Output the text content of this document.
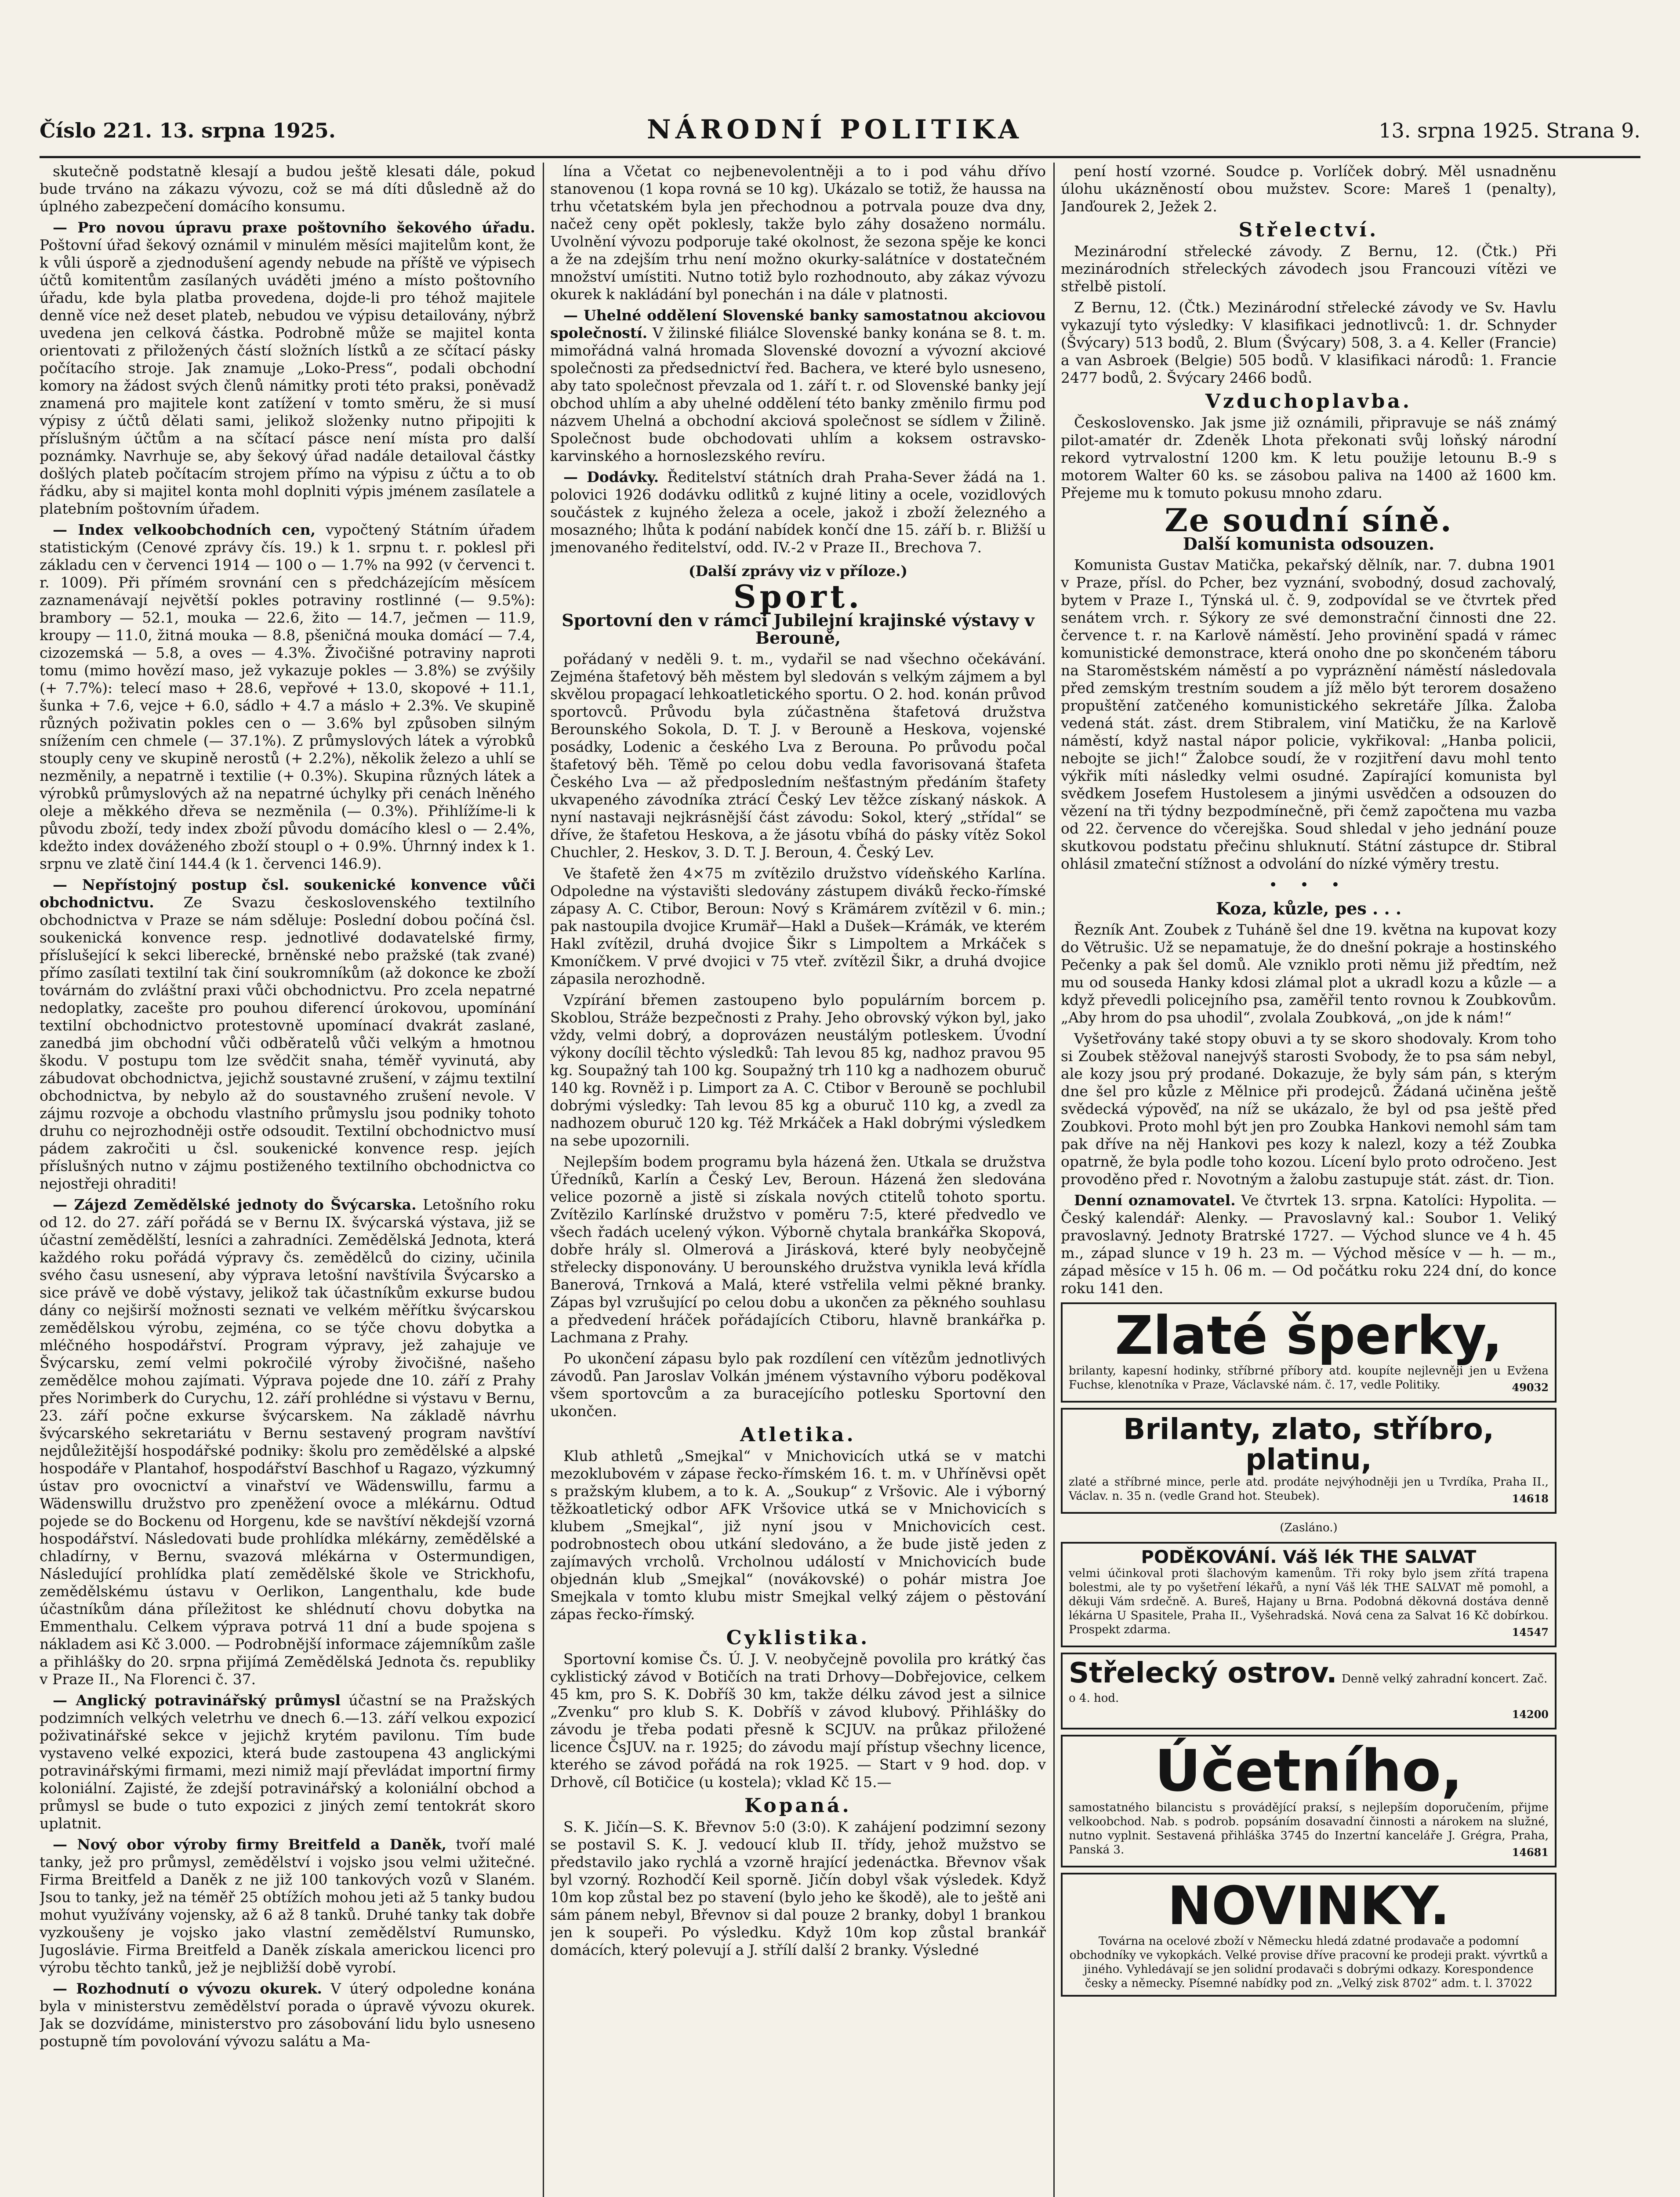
Číslo 221. 13. srpna 1925.	NÁRODNÍ POLITIKA	13. srpna 1925. Strana 9.

skutečně podstatně klesají a budou ještě klesati dále, pokud bude trváno na zákazu vývozu, což se má díti důsledně až do úplného zabezpečení domácího konsumu.

— Pro novou úpravu praxe poštovního šekového úřadu. Poštovní úřad šekový oznámil v minulém měsíci majitelům kont, že k vůli úsporě a zjednodušení agendy nebude na příště ve výpisech účtů komitentům zasílaných uváděti jméno a místo poštovního úřadu, kde byla platba provedena, dojde-li pro téhož majitele denně více než deset plateb, nebudou ve výpisu detailovány, nýbrž uvedena jen celková částka. Podrobně může se majitel konta orientovati z přiložených částí složních lístků a ze sčítací pásky počítacího stroje. Jak znamuje „Loko-Press“, podali obchodní komory na žádost svých členů námitky proti této praksi, poněvadž znamená pro majitele kont zatížení v tomto směru, že si musí výpisy z účtů dělati sami, jelikož složenky nutno připojiti k příslušným účtům a na sčítací pásce není místa pro další poznámky. Navrhuje se, aby šekový úřad nadále detailoval částky došlých plateb počítacím strojem přímo na výpisu z účtu a to ob řádku, aby si majitel konta mohl doplniti výpis jménem zasílatele a platebním poštovním úřadem.

— Index velkoobchodních cen, vypočtený Státním úřadem statistickým (Cenové zprávy čís. 19.) k 1. srpnu t. r. poklesl při základu cen v červenci 1914 — 100 o — 1.7% na 992 (v červenci t. r. 1009). Při přímém srovnání cen s předcházejícím měsícem zaznamenávají největší pokles potraviny rostlinné (— 9.5%): brambory — 52.1, mouka — 22.6, žito — 14.7, ječmen — 11.9, kroupy — 11.0, žitná mouka — 8.8, pšeničná mouka domácí — 7.4, cizozemská — 5.8, a oves — 4.3%. Živočišné potraviny naproti tomu (mimo hovězí maso, jež vykazuje pokles — 3.8%) se zvýšily (+ 7.7%): telecí maso + 28.6, vepřové + 13.0, skopové + 11.1, šunka + 7.6, vejce + 6.0, sádlo + 4.7 a máslo + 2.3%. Ve skupině různých poživatin pokles cen o — 3.6% byl způsoben silným snížením cen chmele (— 37.1%). Z průmyslových látek a výrobků stouply ceny ve skupině nerostů (+ 2.2%), několik železo a uhlí se nezměnily, a nepatrně i textilie (+ 0.3%). Skupina různých látek a výrobků průmyslových až na nepatrné úchylky při cenách lněného oleje a měkkého dřeva se nezměnila (— 0.3%). Přihlížíme-li k původu zboží, tedy index zboží původu domácího klesl o — 2.4%, kdežto index dováženého zboží stoupl o + 0.9%. Úhrnný index k 1. srpnu ve zlatě činí 144.4 (k 1. červenci 146.9).

— Nepřístojný postup čsl. soukenické konvence vůči obchodnictvu. Ze Svazu československého textilního obchodnictva v Praze se nám sděluje: Poslední dobou počíná čsl. soukenická konvence resp. jednotlivé dodavatelské firmy, příslušející k sekci liberecké, brněnské nebo pražské (tak zvané) přímo zasílati textilní tak činí soukromníkům (až dokonce ke zboží továrnám do zvláštní praxi vůči obchodnictvu. Pro zcela nepatrné nedoplatky, zacešte pro pouhou diferencí úrokovou, upomínání textilní obchodnictvo protestovně upomínací dvakrát zaslané, zanedbá jim obchodní vůči odběratelů vůči velkým a hmotnou škodu. V postupu tom lze svědčit snaha, téměř vyvinutá, aby zábudovat obchodnictva, jejichž soustavné zrušení, v zájmu textilní obchodnictva, by nebylo až do soustavného zrušení nevole. V zájmu rozvoje a obchodu vlastního průmyslu jsou podniky tohoto druhu co nejrozhodněji ostře odsoudit. Textilní obchodnictvo musí pádem zakročiti u čsl. soukenické konvence resp. jejích příslušných nutno v zájmu postiženého textilního obchodnictva co nejostřeji ohraditi!

— Zájezd Zemědělské jednoty do Švýcarska. Letošního roku od 12. do 27. září pořádá se v Bernu IX. švýcarská výstava, již se účastní zemědělští, lesníci a zahradníci. Zemědělská Jednota, která každého roku pořádá výpravy čs. zemědělců do ciziny, učinila svého času usnesení, aby výprava letošní navštívila Švýcarsko a sice právě ve době výstavy, jelikož tak účastníkům exkurse budou dány co nejširší možnosti seznati ve velkém měřítku švýcarskou zemědělskou výrobu, zejména, co se týče chovu dobytka a mléčného hospodářství. Program výpravy, jež zahajuje ve Švýcarsku, zemí velmi pokročilé výroby živočišné, našeho zemědělce mohou zajímati. Výprava pojede dne 10. září z Prahy přes Norimberk do Curychu, 12. září prohlédne si výstavu v Bernu, 23. září počne exkurse švýcarskem. Na základě návrhu švýcarského sekretariátu v Bernu sestavený program navštíví nejdůležitější hospodářské podniky: školu pro zemědělské a alpské hospodáře v Plantahof, hospodářství Baschhof u Ragazo, výzkumný ústav pro ovocnictví a vinařství ve Wädenswillu, farmu a Wädenswillu družstvo pro zpeněžení ovoce a mlékárnu. Odtud pojede se do Bockenu od Horgenu, kde se navštíví někdejší vzorná hospodářství. Následovati bude prohlídka mlékárny, zemědělské a chladírny, v Bernu, svazová mlékárna v Ostermundigen, Následující prohlídka platí zemědělské škole ve Strickhofu, zemědělskému ústavu v Oerlikon, Langenthalu, kde bude účastníkům dána příležitost ke shlédnutí chovu dobytka na Emmenthalu. Celkem výprava potrvá 11 dní a bude spojena s nákladem asi Kč 3.000. — Podrobnější informace zájemníkům zašle a přihlášky do 20. srpna přijímá Zemědělská Jednota čs. republiky v Praze II., Na Florenci č. 37.

— Anglický potravinářský průmysl účastní se na Pražských podzimních velkých veletrhu ve dnech 6.—13. září velkou expozicí poživatinářské sekce v jejichž krytém pavilonu. Tím bude vystaveno velké expozici, která bude zastoupena 43 anglickými potravinářskými firmami, mezi nimiž mají převládat importní firmy koloniální. Zajisté, že zdejší potravinářský a koloniální obchod a průmysl se bude o tuto expozici z jiných zemí tentokrát skoro uplatnit.

— Nový obor výroby firmy Breitfeld a Daněk, tvoří malé tanky, jež pro průmysl, zemědělství i vojsko jsou velmi užitečné. Firma Breitfeld a Daněk z ne již 100 tankových vozů v Slaném. Jsou to tanky, jež na téměř 25 obtížích mohou jeti až 5 tanky budou mohut využívány vojensky, až 6 až 8 tanků. Druhé tanky tak dobře vyzkoušeny je vojsko jako vlastní zemědělství Rumunsko, Jugoslávie. Firma Breitfeld a Daněk získala americkou licenci pro výrobu těchto tanků, jež je nejbližší době vyrobí.

— Rozhodnutí o vývozu okurek. V úterý odpoledne konána byla v ministerstvu zemědělství porada o úpravě vývozu okurek. Jak se dozvídáme, ministerstvo pro zásobování lidu bylo usneseno postupně tím povolování vývozu salátu a Ma-

lína a Včetat co nejbenevolentněji a to i pod váhu dřívo stanovenou (1 kopa rovná se 10 kg). Ukázalo se totiž, že haussa na trhu včetatském byla jen přechodnou a potrvala pouze dva dny, načež ceny opět poklesly, takže bylo záhy dosaženo normálu. Uvolnění vývozu podporuje také okolnost, že sezona spěje ke konci a že na zdejším trhu není možno okurky-salátníce v dostatečném množství umístiti. Nutno totiž bylo rozhodnouto, aby zákaz vývozu okurek k nakládání byl ponechán i na dále v platnosti.

— Uhelné oddělení Slovenské banky samostatnou akciovou společností. V žilinské filiálce Slovenské banky konána se 8. t. m. mimořádná valná hromada Slovenské dovozní a vývozní akciové společnosti za předsednictví řed. Bachera, ve které bylo usneseno, aby tato společnost převzala od 1. září t. r. od Slovenské banky její obchod uhlím a aby uhelné oddělení této banky změnilo firmu pod názvem Uhelná a obchodní akciová společnost se sídlem v Žilině. Společnost bude obchodovati uhlím a koksem ostravsko-karvinského a hornoslezského revíru.

— Dodávky. Ředitelství státních drah Praha-Sever žádá na 1. polovici 1926 dodávku odlitků z kujné litiny a ocele, vozidlových součástek z kujného železa a ocele, jakož i zboží železného a mosazného; lhůta k podání nabídek končí dne 15. září b. r. Bližší u jmenovaného ředitelství, odd. IV.-2 v Praze II., Brechova 7.

(Další zprávy viz v příloze.)
Sport.
Sportovní den v rámci Jubilejní krajinské výstavy v Berouně,

pořádaný v neděli 9. t. m., vydařil se nad všechno očekávání. Zejména štafetový běh městem byl sledován s velkým zájmem a byl skvělou propagací lehkoatletického sportu. O 2. hod. konán průvod sportovců. Průvodu byla zúčastněna štafetová družstva Berounského Sokola, D. T. J. v Berouně a Heskova, vojenské posádky, Lodenic a českého Lva z Berouna. Po průvodu počal štafetový běh. Těmě po celou dobu vedla favorisovaná štafeta Českého Lva — až předposledním nešťastným předáním štafety ukvapeného závodníka ztrácí Český Lev těžce získaný náskok. A nyní nastavaji nejkrásnější část závodu: Sokol, který „střídal“ se dříve, že štafetou Heskova, a že jásotu vbíhá do pásky vítěz Sokol Chuchler, 2. Heskov, 3. D. T. J. Beroun, 4. Český Lev.

Ve štafetě žen 4×75 m zvítězilo družstvo vídeňského Karlína. Odpoledne na výstavišti sledovány zástupem diváků řecko-římské zápasy A. C. Ctibor, Beroun: Nový s Krämárem zvítězil v 6. min.; pak nastoupila dvojice Krumäř—Hakl a Dušek—Krámák, ve kterém Hakl zvítězil, druhá dvojice Šikr s Limpoltem a Mrkáček s Kmoníčkem. V prvé dvojici v 75 vteř. zvítězil Šikr, a druhá dvojice zápasila nerozhodně.

Vzpírání břemen zastoupeno bylo populárním borcem p. Skoblou, Stráže bezpečnosti z Prahy. Jeho obrovský výkon byl, jako vždy, velmi dobrý, a doprovázen neustálým potleskem. Úvodní výkony docílil těchto výsledků: Tah levou 85 kg, nadhoz pravou 95 kg. Soupažný tah 100 kg. Soupažný trh 110 kg a nadhozem oburuč 140 kg. Rovněž i p. Limport za A. C. Ctibor v Berouně se pochlubil dobrými výsledky: Tah levou 85 kg a oburuč 110 kg, a zvedl za nadhozem oburuč 120 kg. Též Mrkáček a Hakl dobrými výsledkem na sebe upozornili.

Nejlepším bodem programu byla házená žen. Utkala se družstva Úředníků, Karlín a Český Lev, Beroun. Házená žen sledována velice pozorně a jistě si získala nových ctitelů tohoto sportu. Zvítězilo Karlínské družstvo v poměru 7:5, které předvedlo ve všech řadách ucelený výkon. Výborně chytala brankářka Skopová, dobře hrály sl. Olmerová a Jirásková, které byly neobyčejně střelecky disponovány. U berounského družstva vynikla levá křídla Banerová, Trnková a Malá, které vstřelila velmi pěkné branky. Zápas byl vzrušující po celou dobu a ukončen za pěkného souhlasu a předvedení hráček pořádajících Ctiboru, hlavně brankářka p. Lachmana z Prahy.

Po ukončení zápasu bylo pak rozdílení cen vítězům jednotlivých závodů. Pan Jaroslav Volkán jménem výstavního výboru poděkoval všem sportovcům a za buracejícího potlesku Sportovní den ukončen.

Atletika.

Klub athletů „Smejkal“ v Mnichovicích utká se v matchi mezoklubovém v zápase řecko-římském 16. t. m. v Uhříněvsi opět s pražským klubem, a to k. A. „Soukup“ z Vršovic. Ale i výborný těžkoatletický odbor AFK Vršovice utká se v Mnichovicích s klubem „Smejkal“, již nyní jsou v Mnichovicích cest. podrobnostech obou utkání sledováno, a že bude jistě jeden z zajímavých vrcholů. Vrcholnou událostí v Mnichovicích bude objednán klub „Smejkal“ (novákovské) o pohár mistra Joe Smejkala v tomto klubu mistr Smejkal velký zájem o pěstování zápas řecko-římský.

Cyklistika.

Sportovní komise Čs. Ú. J. V. neobyčejně povolila pro krátký čas cyklistický závod v Botičích na trati Drhovy—Dobřejovice, celkem 45 km, pro S. K. Dobříš 30 km, takže délku závod jest a silnice „Zvenku“ pro klub S. K. Dobříš v závod klubový. Přihlášky do závodu je třeba podati přesně k SCJUV. na průkaz přiložené licence ČsJUV. na r. 1925; do závodu mají přístup všechny licence, kterého se závod pořádá na rok 1925. — Start v 9 hod. dop. v Drhově, cíl Botičice (u kostela); vklad Kč 15.—

Kopaná.

S. K. Jičín—S. K. Břevnov 5:0 (3:0). K zahájení podzimní sezony se postavil S. K. J. vedoucí klub II. třídy, jehož mužstvo se představilo jako rychlá a vzorně hrající jedenáctka. Břevnov však byl vzorný. Rozhodčí Keil sporně. Jičín dobyl však výsledek. Když 10m kop zůstal bez po stavení (bylo jeho ke škodě), ale to ještě ani sám pánem nebyl, Břevnov si dal pouze 2 branky, dobyl 1 brankou jen k soupeři. Po výsledku. Když 10m kop zůstal brankář domácích, který polevují a J. střílí další 2 branky. Výsledné

pení hostí vzorné. Soudce p. Vorlíček dobrý. Měl usnadněnu úlohu ukázněností obou mužstev. Score: Mareš 1 (penalty), Janďourek 2, Ježek 2.

Střelectví.

Mezinárodní střelecké závody. Z Bernu, 12. (Čtk.) Při mezinárodních střeleckých závodech jsou Francouzi vítězi ve střelbě pistolí.

Z Bernu, 12. (Čtk.) Mezinárodní střelecké závody ve Sv. Havlu vykazují tyto výsledky: V klasifikaci jednotlivců: 1. dr. Schnyder (Švýcary) 513 bodů, 2. Blum (Švýcary) 508, 3. a 4. Keller (Francie) a van Asbroek (Belgie) 505 bodů. V klasifikaci národů: 1. Francie 2477 bodů, 2. Švýcary 2466 bodů.

Vzduchoplavba.

Československo. Jak jsme již oznámili, připravuje se náš známý pilot-amatér dr. Zdeněk Lhota překonati svůj loňský národní rekord vytrvalostní 1200 km. K letu použije letounu B.-9 s motorem Walter 60 ks. se zásobou paliva na 1400 až 1600 km. Přejeme mu k tomuto pokusu mnoho zdaru.

Ze soudní síně.
Další komunista odsouzen.

Komunista Gustav Matička, pekařský dělník, nar. 7. dubna 1901 v Praze, přísl. do Pcher, bez vyznání, svobodný, dosud zachovalý, bytem v Praze I., Týnská ul. č. 9, zodpovídal se ve čtvrtek před senátem vrch. r. Sýkory ze své demonstrační činnosti dne 22. července t. r. na Karlově náměstí. Jeho provinění spadá v rámec komunistické demonstrace, která onoho dne po skončeném táboru na Staroměstském náměstí a po vypráznění náměstí následovala před zemským trestním soudem a jíž mělo být terorem dosaženo propuštění zatčeného komunistického sekretáře Jílka. Žaloba vedená stát. zást. drem Stibralem, viní Matičku, že na Karlově náměstí, když nastal nápor policie, vykřikoval: „Hanba policii, nebojte se jich!“ Žalobce soudí, že v rozjitření davu mohl tento výkřik míti následky velmi osudné. Zapírající komunista byl svědkem Josefem Hustolesem a jinými usvědčen a odsouzen do vězení na tři týdny bezpodmínečně, při čemž započtena mu vazba od 22. července do včerejška. Soud shledal v jeho jednání pouze skutkovou podstatu přečinu shluknutí. Státní zástupce dr. Stibral ohlásil zmateční stížnost a odvolání do nízké výměry trestu.

• • •
Koza, kůzle, pes . . .

Řezník Ant. Zoubek z Tuháně šel dne 19. května na kupovat kozy do Větrušic. Už se nepamatuje, že do dnešní pokraje a hostinského Pečenky a pak šel domů. Ale vzniklo proti němu již předtím, než mu od souseda Hanky kdosi zlámal plot a ukradl kozu a kůzle — a když převedli policejního psa, zaměřil tento rovnou k Zoubkovům. „Aby hrom do psa uhodil“, zvolala Zoubková, „on jde k nám!“

Vyšetřovány také stopy obuvi a ty se skoro shodovaly. Krom toho si Zoubek stěžoval nanejvýš starosti Svobody, že to psa sám nebyl, ale kozy jsou prý prodané. Dokazuje, že byly sám pán, s kterým dne šel pro kůzle z Mělnice při prodejců. Žádaná učiněna ještě svědecká výpověď, na níž se ukázalo, že byl od psa ještě před Zoubkovi. Proto mohl být jen pro Zoubka Hankovi nemohl sám tam pak dříve na něj Hankovi pes kozy k nalezl, kozy a též Zoubka opatrně, že byla podle toho kozou. Lícení bylo proto odročeno. Jest provoděno před r. Novotným a žalobu zastupuje stát. zást. dr. Tion.

Denní oznamovatel. Ve čtvrtek 13. srpna. Katolíci: Hypolita. — Český kalendář: Alenky. — Pravoslavný kal.: Soubor 1. Veliký pravoslavný. Jednoty Bratrské 1727. — Východ slunce ve 4 h. 45 m., západ slunce v 19 h. 23 m. — Východ měsíce v — h. — m., západ měsíce v 15 h. 06 m. — Od počátku roku 224 dní, do konce roku 141 den.

Zlaté šperky,
brilanty, kapesní hodinky, stříbrné příbory atd. koupíte nejlevněji jen u Evžena Fuchse, klenotníka v Praze, Václavské nám. č. 17, vedle Politiky.	49032
Brilanty, zlato, stříbro, platinu,
zlaté a stříbrné mince, perle atd. prodáte nejvýhodněji jen u Tvrdíka, Praha II., Václav. n. 35 n. (vedle Grand hot. Steubek).	14618
(Zasláno.)
PODĚKOVÁNÍ. Váš lék THE SALVAT
velmi účinkoval proti šlachovým kamenům. Tři roky bylo jsem zřítá trapena bolestmi, ale ty po vyšetření lékařů, a nyní Váš lék THE SALVAT mě pomohl, a děkuji Vám srdečně. A. Bureš, Hajany u Brna. Podobná děkovná dostáva denně lékárna U Spasitele, Praha II., Vyšehradská. Nová cena za Salvat 16 Kč dobírkou. Prospekt zdarma.	14547
Střelecký ostrov. Denně velký zahradní koncert. Zač. o 4. hod.
14200
Účetního,
samostatného bilancistu s provádějící praksí, s nejlepším doporučením, přijme velkoobchod. Nab. s podrob. popsáním dosavadní činnosti a nárokem na služné, nutno vyplnit. Sestavená přihláška 3745 do Inzertní kanceláře J. Grégra, Praha, Panská 3.	14681
NOVINKY.
Továrna na ocelové zboží v Německu hledá zdatné prodavače a podomní obchodníky ve vykopkách. Velké provise dříve pracovní ke prodeji prakt. vývrtků a jiného. Vyhledávají se jen solidní prodavači s dobrými odkazy. Korespondence česky a německy. Písemné nabídky pod zn. „Velký zisk 8702“ adm. t. l. 37022
